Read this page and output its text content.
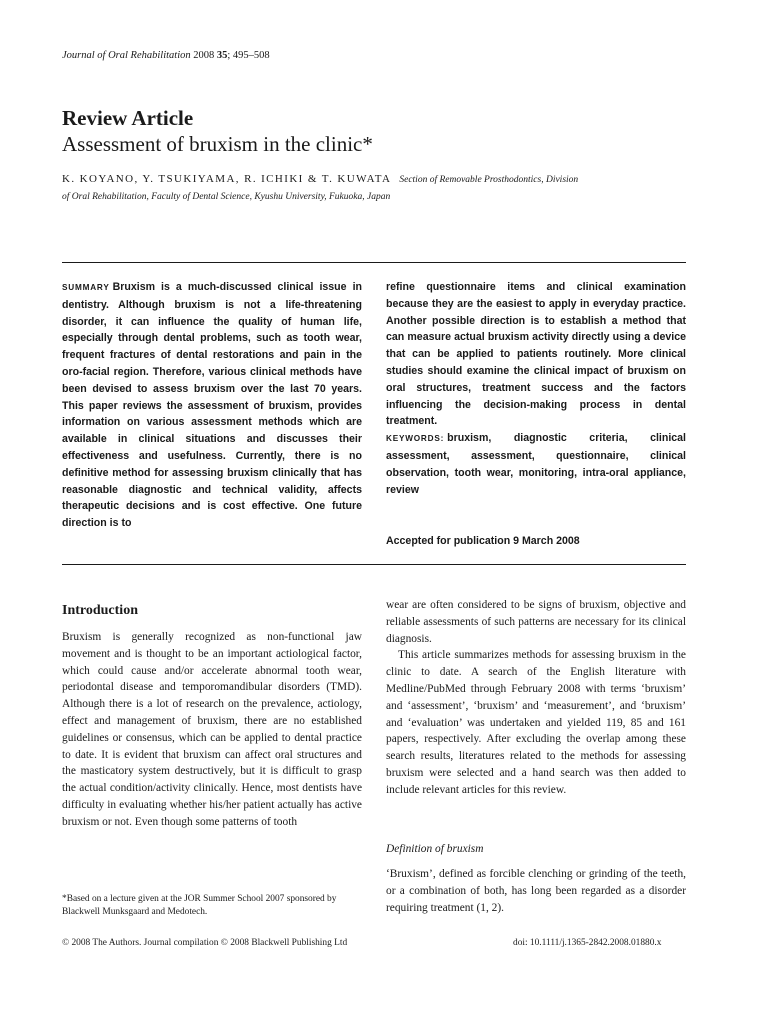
Journal of Oral Rehabilitation 2008 35; 495–508
Review Article
Assessment of bruxism in the clinic*
K. KOYANO, Y. TSUKIYAMA, R. ICHIKI & T. KUWATA Section of Removable Prosthodontics, Division
of Oral Rehabilitation, Faculty of Dental Science, Kyushu University, Fukuoka, Japan
SUMMARY Bruxism is a much-discussed clinical issue in dentistry. Although bruxism is not a life-threatening disorder, it can influence the quality of human life, especially through dental problems, such as tooth wear, frequent fractures of dental restorations and pain in the oro-facial region. Therefore, various clinical methods have been devised to assess bruxism over the last 70 years. This paper reviews the assessment of bruxism, provides information on various assessment methods which are available in clinical situations and discusses their effectiveness and usefulness. Currently, there is no definitive method for assessing bruxism clinically that has reasonable diagnostic and technical validity, affects therapeutic decisions and is cost effective. One future direction is to
refine questionnaire items and clinical examination because they are the easiest to apply in everyday practice. Another possible direction is to establish a method that can measure actual bruxism activity directly using a device that can be applied to patients routinely. More clinical studies should examine the clinical impact of bruxism on oral structures, treatment success and the factors influencing the decision-making process in dental treatment.
KEYWORDS: bruxism, diagnostic criteria, clinical assessment, assessment, questionnaire, clinical observation, tooth wear, monitoring, intra-oral appliance, review
Accepted for publication 9 March 2008
Introduction

Bruxism is generally recognized as non-functional jaw movement and is thought to be an important actiological factor, which could cause and/or accelerate abnormal tooth wear, periodontal disease and temporomandibular disorders (TMD). Although there is a lot of research on the prevalence, actiology, effect and management of bruxism, there are no established guidelines or consensus, which can be applied to dental practice to date. It is evident that bruxism can affect oral structures and the masticatory system destructively, but it is difficult to grasp the actual condition/activity clinically. Hence, most dentists have difficulty in evaluating whether his/her patient actually has active bruxism or not. Even though some patterns of tooth

wear are often considered to be signs of bruxism, objective and reliable assessments of such patterns are necessary for its clinical diagnosis.

This article summarizes methods for assessing bruxism in the clinic to date. A search of the English literature with Medline/PubMed through February 2008 with terms ‘bruxism’ and ‘assessment’, ‘bruxism’ and ‘measurement’, and ‘bruxism’ and ‘evaluation’ was undertaken and yielded 119, 85 and 161 papers, respectively. After excluding the overlap among these search results, literatures related to the methods for assessing bruxism were selected and a hand search was then added to include relevant articles for this review.

Definition of bruxism

‘Bruxism’, defined as forcible clenching or grinding of the teeth, or a combination of both, has long been regarded as a disorder requiring treatment (1, 2).

*Based on a lecture given at the JOR Summer School 2007 sponsored by Blackwell Munksgaard and Medotech.
© 2008 The Authors. Journal compilation © 2008 Blackwell Publishing Ltd	doi: 10.1111/j.1365-2842.2008.01880.x
